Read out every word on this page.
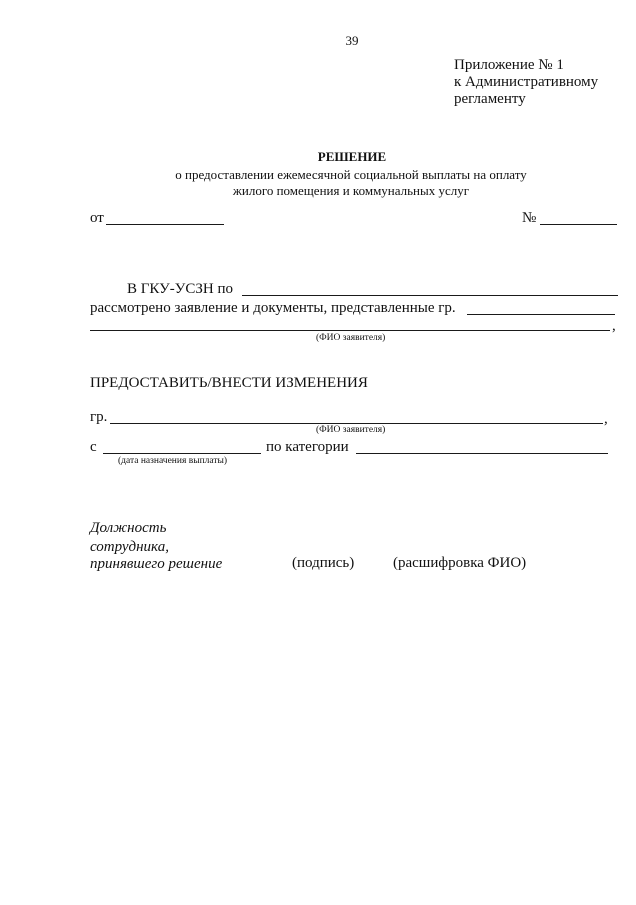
39
Приложение № 1
к Административному
регламенту
РЕШЕНИЕ
о предоставлении ежемесячной социальной выплаты на оплату
жилого помещения и коммунальных услуг
от	№
В ГКУ-УСЗН по
рассмотрено заявление и документы, представленные гр.
,
(ФИО заявителя)
ПРЕДОСТАВИТЬ/ВНЕСТИ ИЗМЕНЕНИЯ
гр.	,
(ФИО заявителя)
с	по категории
(дата назначения выплаты)
Должность
сотрудника,
принявшего решение	(подпись)	(расшифровка ФИО)
